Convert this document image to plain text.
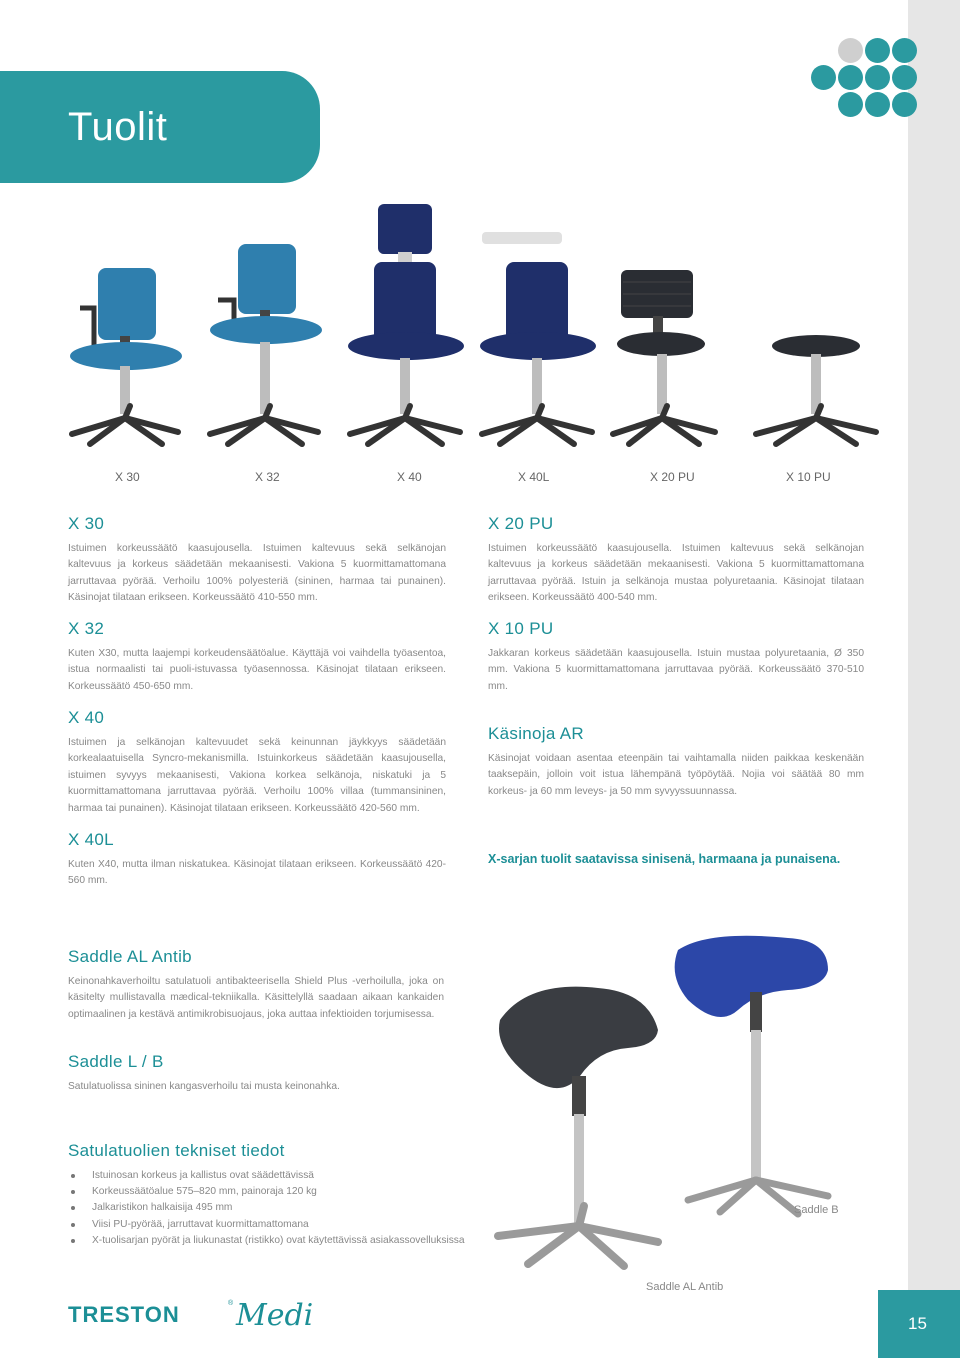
Tuolit
X 30	X 32	X 40	X 40L	X 20 PU	X 10 PU
X 30

Istuimen korkeussäätö kaasujousella. Istuimen kaltevuus sekä selkänojan kaltevuus ja korkeus säädetään mekaanisesti. Vakiona 5 kuormittamattomana jarruttavaa pyörää. Verhoilu 100% polyesteriä (sininen, harmaa tai punainen). Käsinojat tilataan erikseen. Korkeussäätö 410-550 mm.

X 32

Kuten X30, mutta laajempi korkeudensäätöalue. Käyttäjä voi vaihdella työasentoa, istua normaalisti tai puoli-istuvassa työasennossa. Käsinojat tilataan erikseen. Korkeussäätö 450-650 mm.

X 40

Istuimen ja selkänojan kaltevuudet sekä keinunnan jäykkyys säädetään korkealaatuisella Syncro-mekanismilla. Istuinkorkeus säädetään kaasujousella, istuimen syvyys mekaanisesti, Vakiona korkea selkänoja, niskatuki ja 5 kuormittamattomana jarruttavaa pyörää. Verhoilu 100% villaa (tummansininen, harmaa tai punainen). Käsinojat tilataan erikseen. Korkeussäätö 420-560 mm.

X 40L

Kuten X40, mutta ilman niskatukea. Käsinojat tilataan erikseen. Korkeussäätö 420-560 mm.

X 20 PU

Istuimen korkeussäätö kaasujousella. Istuimen kaltevuus sekä selkänojan kaltevuus ja korkeus säädetään mekaanisesti. Vakiona 5 kuormittamattomana jarruttavaa pyörää. Istuin ja selkänoja mustaa polyuretaania. Käsinojat tilataan erikseen. Korkeussäätö 400-540 mm.

X 10 PU

Jakkaran korkeus säädetään kaasujousella. Istuin mustaa polyuretaania, Ø 350 mm. Vakiona 5 kuormittamattomana jarruttavaa pyörää. Korkeussäätö 370-510 mm.

Käsinoja AR

Käsinojat voidaan asentaa eteenpäin tai vaihtamalla niiden paikkaa keskenään taaksepäin, jolloin voit istua lähempänä työpöytää. Nojia voi säätää 80 mm korkeus- ja 60 mm leveys- ja 50 mm syvyyssuunnassa.

X-sarjan tuolit saatavissa sinisenä, harmaana ja punaisena.
Saddle AL Antib

Keinonahkaverhoiltu satulatuoli antibakteerisella Shield Plus -verhoilulla, joka on käsitelty mullistavalla mædical-tekniikalla. Käsittelyllä saadaan aikaan kankaiden optimaalinen ja kestävä antimikrobisuojaus, joka auttaa infektioiden torjumisessa.

Saddle L / B

Satulatuolissa sininen kangasverhoilu tai musta keinonahka.

Satulatuolien tekniset tiedot
Istuinosan korkeus ja kallistus ovat säädettävissä
Korkeussäätöalue 575–820 mm, painoraja 120 kg
Jalkaristikon halkaisija 495 mm
Viisi PU-pyörää, jarruttavat kuormittamattomana
X-tuolisarjan pyörät ja liukunastat (ristikko) ovat käytettävissä asiakassovelluksissa
Saddle B
Saddle AL Antib
TRESTON	® Medi	15
